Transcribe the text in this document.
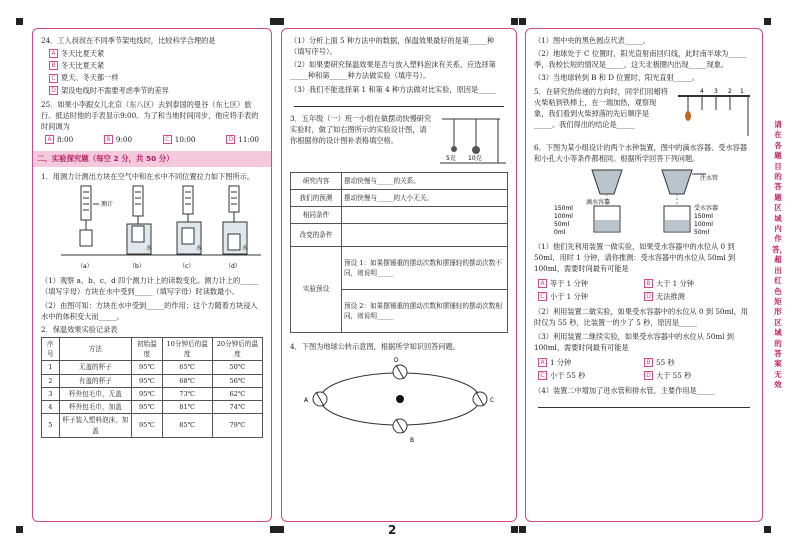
24．工人叔叔在不同季节架电线时，比较科学合理的是
A 冬天比夏天紧
B 冬天比夏天紧
C 夏天、冬天都一样
D 架设电线时不需要考虑季节的差异
25．如果小李跟女儿北京（东八区）去到泰国的曼谷（东七区）旅行。抵达时他的手表显示9:00。为了和当地时间同步，他应将手表的时间调为
A 8:00	B 9:00	C 10:00	D 11:00
二、实验探究题（每空 2 分，共 50 分）
1．用测力计测出方块在空气中和在水中不同位置拉力如下图所示。
测计
水	水	水
（a）	（b）	（c）	（d）
（1）观察 a、b、c、d 四个测力计上的读数变化。测力计上的_____（填写字母）方块在水中受到_____（填写字母）时读数最小。
（2）由图可知：方块在水中受到_____的作用；这个力随着方块浸入水中的体积变大而_____。
2．保温效果实验记录表
序号	方法	初始温度	10分钟后的温度	20分钟后的温度
1	无盖的杯子	95℃	65℃	50℃
2	有盖的杯子	95℃	68℃	56℃
3	杯外包毛巾，无盖	95℃	73℃	62℃
4	杯外包毛巾，加盖	95℃	81℃	74℃
5	杯子装入塑料泡沫，加盖	95℃	85℃	79℃
（1）分析上面 5 种方法中的数据，保温效果最好的是第_____种（填写序号）。
（2）如果要研究保温效果是否与放入塑料泡沫有关系，应选择第_____种和第_____种方法做实验（填序号）。
（3）我们不能选择第 1 和第 4 种方法做对比实验，原因是_____
3．五年级（一）班一小组在做摆动快慢研究实验时，做了如右图所示的实验设计图，请你根据你的设计图补表格填空格。
5克 10克
研究内容	摆动快慢与_____的关系。
我们的预测	摆动快慢与_____的大小无关。
相同条件	
改变的条件	
实验预设	预设 1：如果摆锤重的摆动次数和摆锤轻的摆动次数不同，则说明_____
	预设 2：如果摆锤重的摆动次数和摆锤轻的摆动次数相同，则说明_____
4．下图为地球公转示意图，根据所学知识回答问题。
A
B
C
D
（1）图中央的黑色圆点代表_____。
（2）地球处于 C 位置时，阳光直射南回归线，此时南半球为_____季，我校长短的情况是_____，这天北极圈内出现_____现象。
（3）当地球转到 B 和 D 位置时，阳光直射_____。
5．在研究热传递的方向时，同学们用蜡将火柴粘到铁棒上，在一端加热，观察现象，我们看到火柴掉落的先后顺序是_____。我们得出的结论是_____
4 3 2 1
6．下图为某小组设计的两个水钟装置，图中的滴水容器、受水容器和小孔大小等条件都相同。根据所学回答下列问题。
150ml
100ml
50ml
0ml
滴水容器
注水管
受水容器
150ml
100ml
50ml
（1）他们先利用装置一做实验，如果受水容器中的水位从 0 到 50ml，用时 1 分钟，请你推测：受水容器中的水位从 50ml 到 100ml，需要时间最有可能是
A 等于 1 分钟	B 大于 1 分钟
C 小于 1 分钟	D 无法推测
（2）利用装置二做实验，如果受水容器中的水位从 0 到 50ml，用时仅为 55 秒，比装置一的少了 5 秒，原因是_____
（3）利用装置二继续实验，如果受水容器中的水位从 50ml 到 100ml，需要时间最有可能是
A 1 分钟	B 55 秒
C 小于 55 秒	D 大于 55 秒
（4）装置二中增加了进水管和排水管，主要作用是_____
请在各题目的答题区域内作答，超出红色矩形区域的答案无效
2
